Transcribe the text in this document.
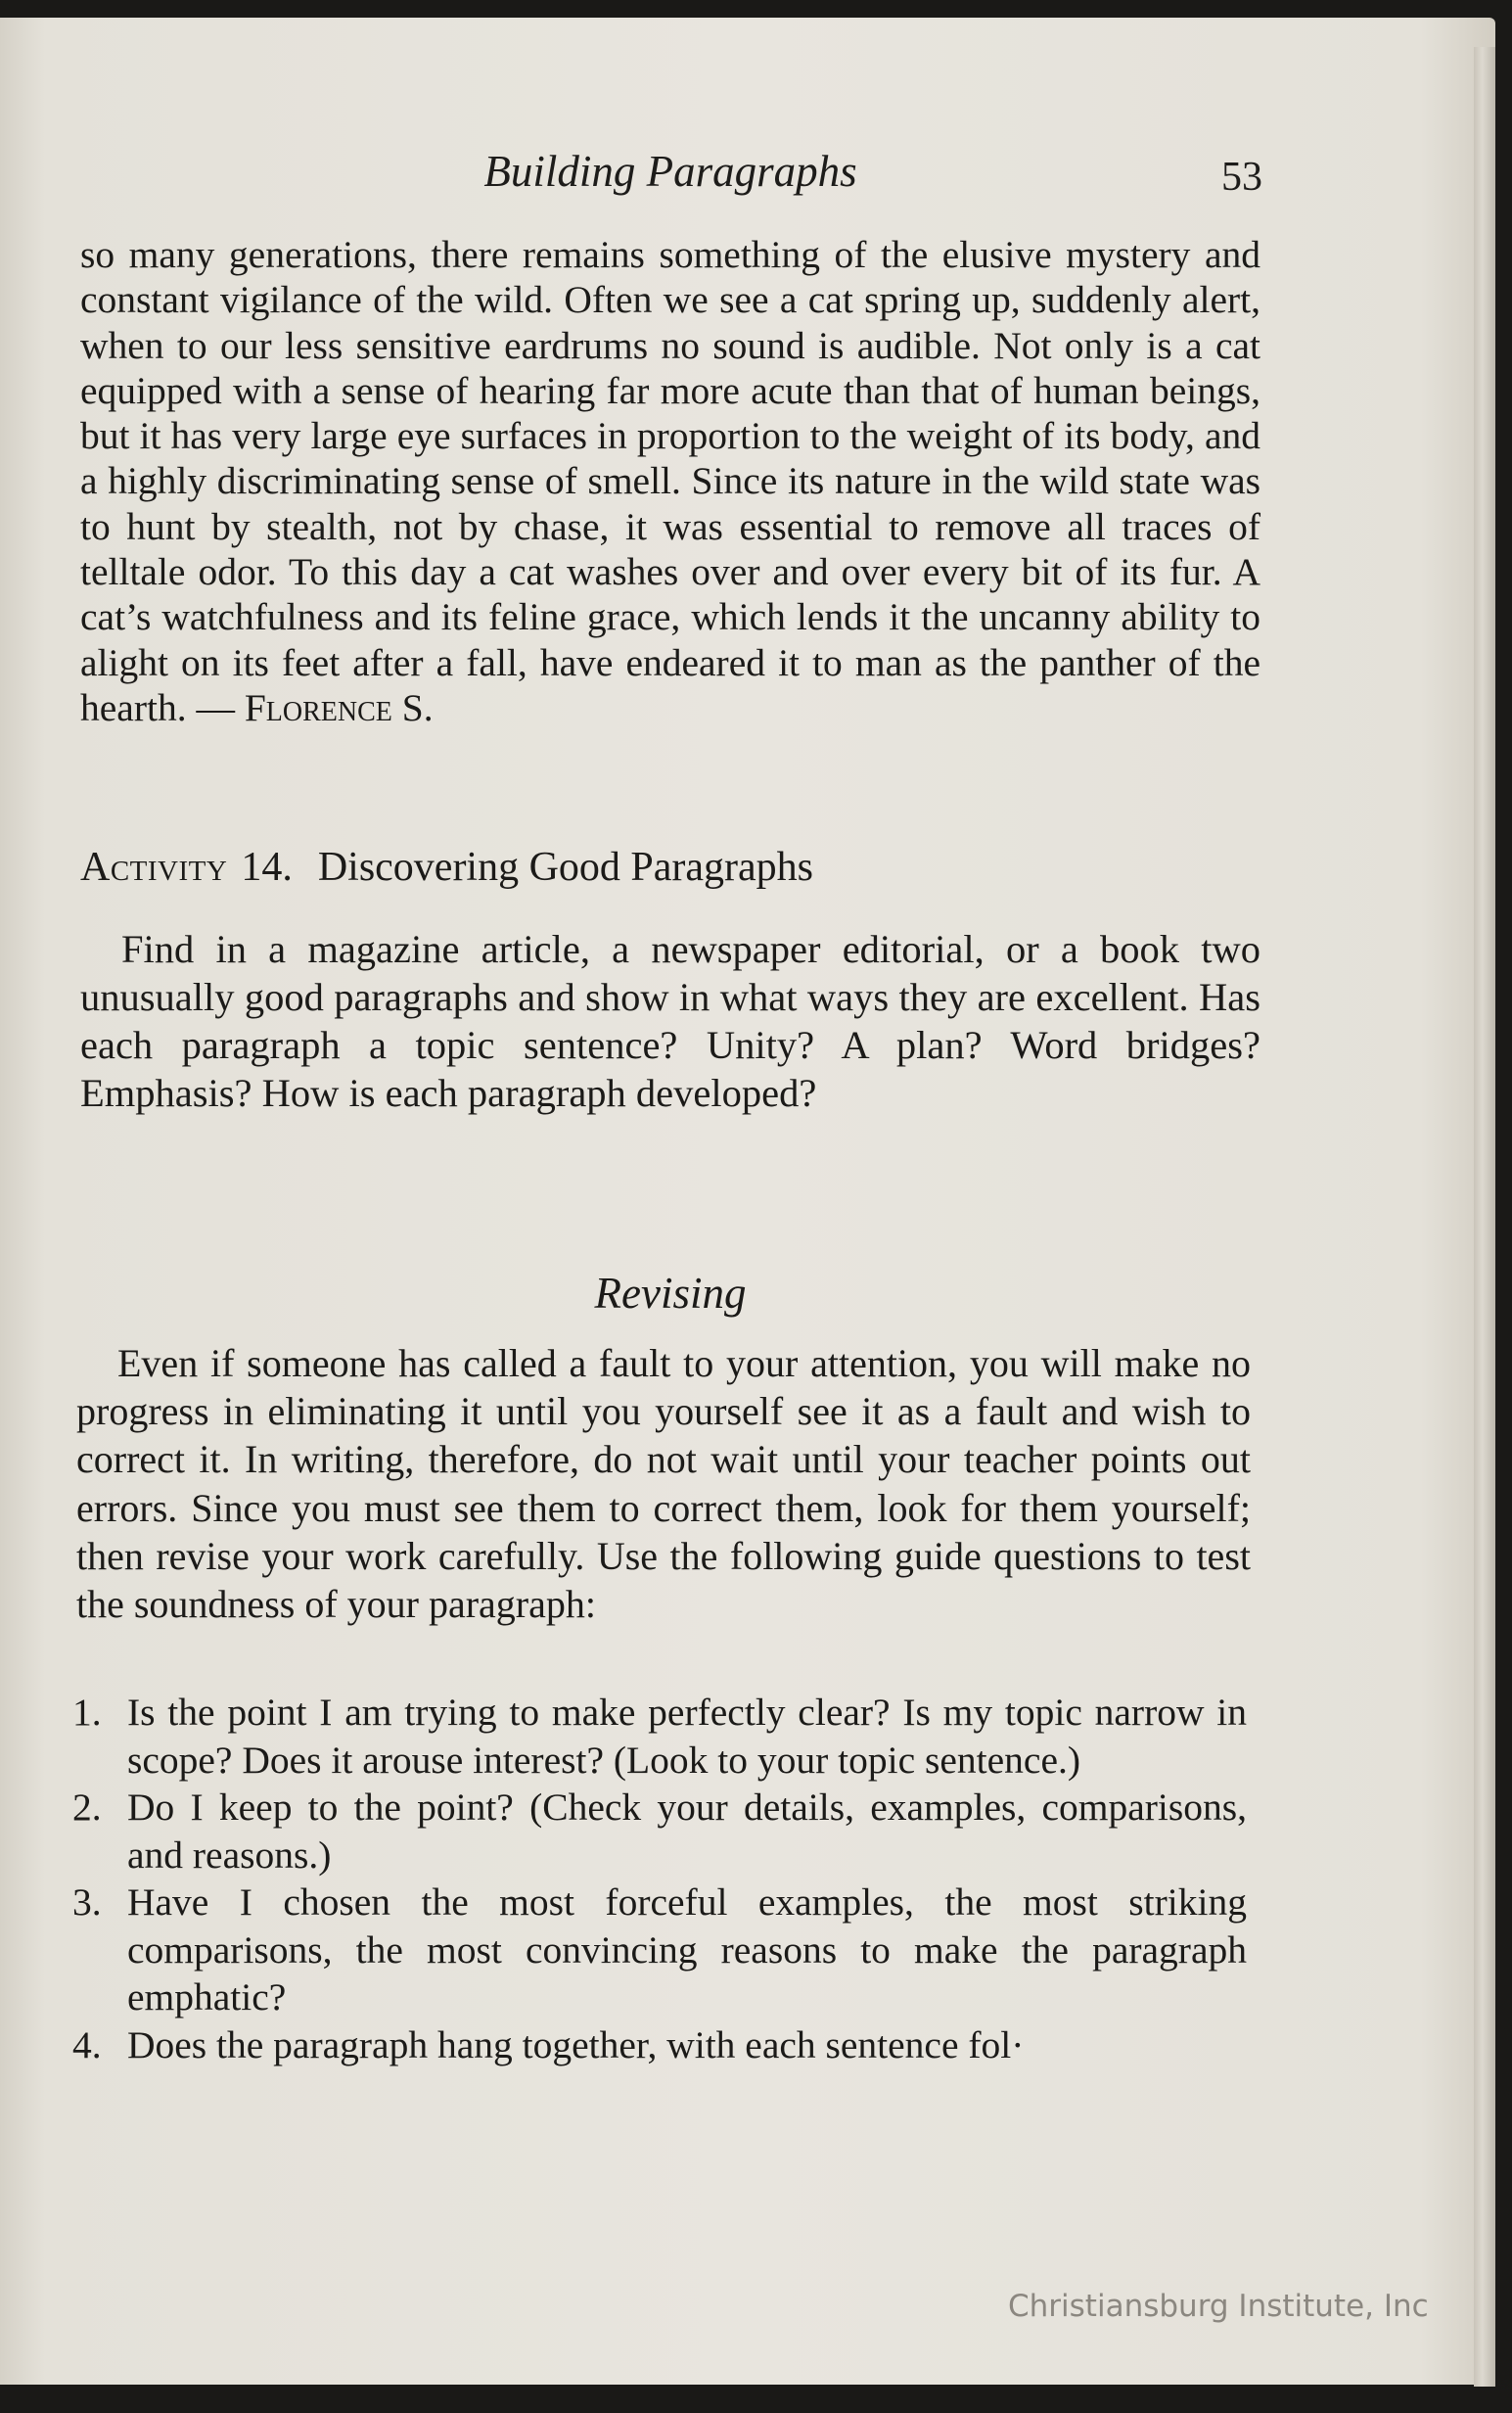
Building Paragraphs	53

so many generations, there remains something of the elusive mystery and constant vigilance of the wild. Often we see a cat spring up, suddenly alert, when to our less sensitive eardrums no sound is audible. Not only is a cat equipped with a sense of hearing far more acute than that of human beings, but it has very large eye surfaces in proportion to the weight of its body, and a highly discriminating sense of smell. Since its nature in the wild state was to hunt by stealth, not by chase, it was essential to remove all traces of telltale odor. To this day a cat washes over and over every bit of its fur. A cat’s watchfulness and its feline grace, which lends it the uncanny ability to alight on its feet after a fall, have endeared it to man as the panther of the hearth. — Florence S.

Activity 14. Discovering Good Paragraphs

Find in a magazine article, a newspaper editorial, or a book two unusually good paragraphs and show in what ways they are excellent. Has each paragraph a topic sentence? Unity? A plan? Word bridges? Emphasis? How is each paragraph developed?

Revising

Even if someone has called a fault to your attention, you will make no progress in eliminating it until you yourself see it as a fault and wish to correct it. In writing, therefore, do not wait until your teacher points out errors. Since you must see them to correct them, look for them yourself; then revise your work carefully. Use the following guide questions to test the soundness of your paragraph:

1. Is the point I am trying to make perfectly clear? Is my topic narrow in scope? Does it arouse interest? (Look to your topic sentence.)
2. Do I keep to the point? (Check your details, examples, comparisons, and reasons.)
3. Have I chosen the most forceful examples, the most striking comparisons, the most convincing reasons to make the paragraph emphatic?
4. Does the paragraph hang together, with each sentence fol·
Christiansburg Institute, Inc
